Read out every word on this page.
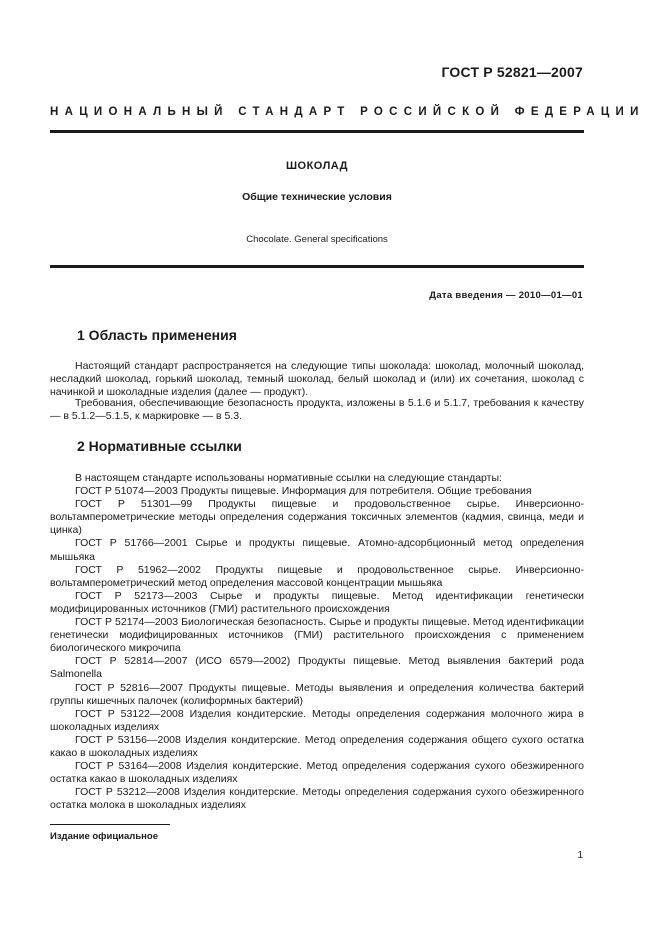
ГОСТ Р 52821—2007
НАЦИОНАЛЬНЫЙ СТАНДАРТ РОССИЙСКОЙ ФЕДЕРАЦИИ
ШОКОЛАД
Общие технические условия
Chocolate. General specifications
Дата введения — 2010—01—01
1 Область применения

Настоящий стандарт распространяется на следующие типы шоколада: шоколад, молочный шоколад, несладкий шоколад, горький шоколад, темный шоколад, белый шоколад и (или) их сочетания, шоколад с начинкой и шоколадные изделия (далее — продукт).

Требования, обеспечивающие безопасность продукта, изложены в 5.1.6 и 5.1.7, требования к качеству — в 5.1.2—5.1.5, к маркировке — в 5.3.

2 Нормативные ссылки

В настоящем стандарте использованы нормативные ссылки на следующие стандарты:

ГОСТ Р 51074—2003 Продукты пищевые. Информация для потребителя. Общие требования

ГОСТ Р 51301—99 Продукты пищевые и продовольственное сырье. Инверсионно-вольтамперометрические методы определения содержания токсичных элементов (кадмия, свинца, меди и цинка)

ГОСТ Р 51766—2001 Сырье и продукты пищевые. Атомно-адсорбционный метод определения мышьяка

ГОСТ Р 51962—2002 Продукты пищевые и продовольственное сырье. Инверсионно-вольтамперометрический метод определения массовой концентрации мышьяка

ГОСТ Р 52173—2003 Сырье и продукты пищевые. Метод идентификации генетически модифицированных источников (ГМИ) растительного происхождения

ГОСТ Р 52174—2003 Биологическая безопасность. Сырье и продукты пищевые. Метод идентификации генетически модифицированных источников (ГМИ) растительного происхождения с применением биологического микрочипа

ГОСТ Р 52814—2007 (ИСО 6579—2002) Продукты пищевые. Метод выявления бактерий рода Salmonella

ГОСТ Р 52816—2007 Продукты пищевые. Методы выявления и определения количества бактерий группы кишечных палочек (колиформных бактерий)

ГОСТ Р 53122—2008 Изделия кондитерские. Методы определения содержания молочного жира в шоколадных изделиях

ГОСТ Р 53156—2008 Изделия кондитерские. Метод определения содержания общего сухого остатка какао в шоколадных изделиях

ГОСТ Р 53164—2008 Изделия кондитерские. Метод определения содержания сухого обезжиренного остатка какао в шоколадных изделиях

ГОСТ Р 53212—2008 Изделия кондитерские. Методы определения содержания сухого обезжиренного остатка молока в шоколадных изделиях

Издание официальное
1
